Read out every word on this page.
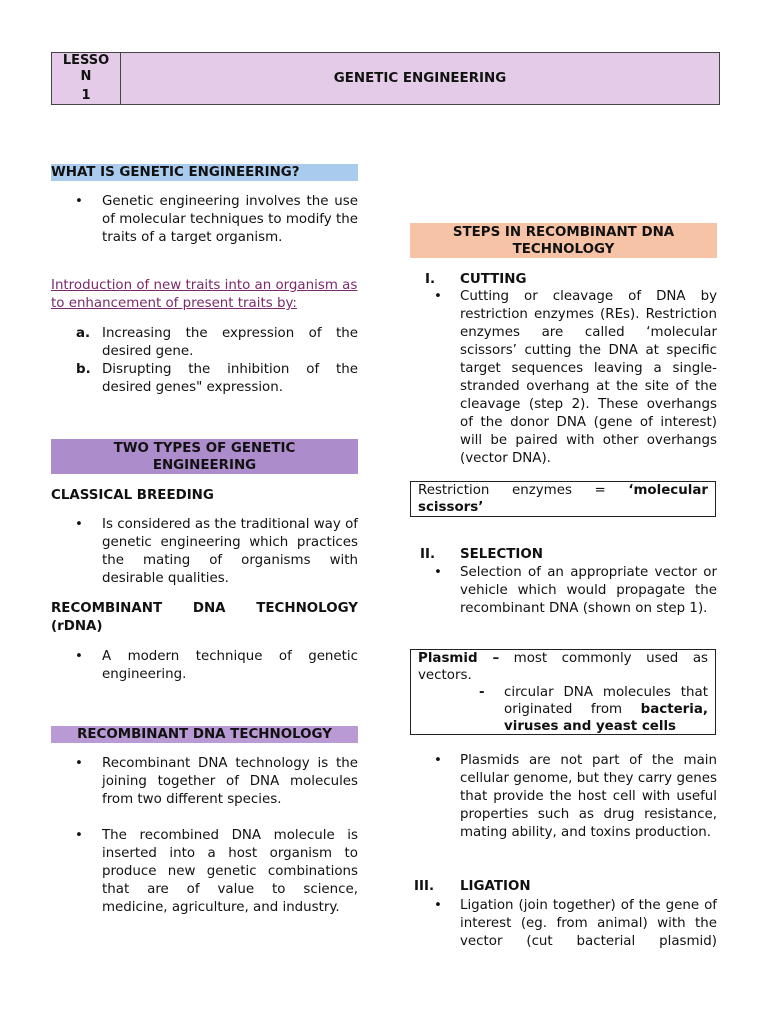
LESSO
N
1
GENETIC ENGINEERING
WHAT IS GENETIC ENGINEERING?
•
Genetic engineering involves the use of molecular techniques to modify the traits of a target organism.
Introduction of new traits into an organism as to enhancement of present traits by:
a. Increasing the expression of the desired gene.
b. Disrupting the inhibition of the desired genes" expression.
TWO TYPES OF GENETIC ENGINEERING
CLASSICAL BREEDING
•
Is considered as the traditional way of genetic engineering which practices the mating of organisms with desirable qualities.
RECOMBINANT DNA TECHNOLOGY (rDNA)
•
A modern technique of genetic engineering.
RECOMBINANT DNA TECHNOLOGY
•
Recombinant DNA technology is the joining together of DNA molecules from two different species.
•
The recombined DNA molecule is inserted into a host organism to produce new genetic combinations that are of value to science, medicine, agriculture, and industry.
STEPS IN RECOMBINANT DNA TECHNOLOGY
I. CUTTING
•
Cutting or cleavage of DNA by restriction enzymes (REs). Restriction enzymes are called ‘molecular scissors’ cutting the DNA at specific target sequences leaving a single-stranded overhang at the site of the cleavage (step 2). These overhangs of the donor DNA (gene of interest) will be paired with other overhangs (vector DNA).
Restriction enzymes = ‘molecular scissors’
II. SELECTION
•
Selection of an appropriate vector or vehicle which would propagate the recombinant DNA (shown on step 1).
Plasmid – most commonly used as vectors.
- circular DNA molecules that originated from bacteria, viruses and yeast cells
•
Plasmids are not part of the main cellular genome, but they carry genes that provide the host cell with useful properties such as drug resistance, mating ability, and toxins production.
III. LIGATION
•
Ligation (join together) of the gene of interest (eg. from animal) with the vector (cut bacterial plasmid)
